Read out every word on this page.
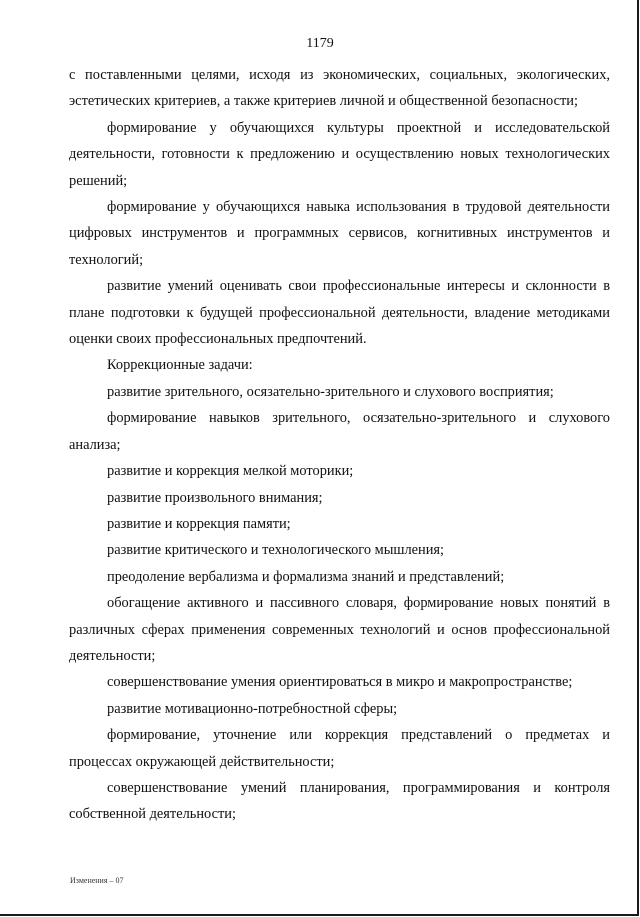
1179

с поставленными целями, исходя из экономических, социальных, экологических, эстетических критериев, а также критериев личной и общественной безопасности;

формирование у обучающихся культуры проектной и исследовательской деятельности, готовности к предложению и осуществлению новых технологических решений;

формирование у обучающихся навыка использования в трудовой деятельности цифровых инструментов и программных сервисов, когнитивных инструментов и технологий;

развитие умений оценивать свои профессиональные интересы и склонности в плане подготовки к будущей профессиональной деятельности, владение методиками оценки своих профессиональных предпочтений.

Коррекционные задачи:

развитие зрительного, осязательно-зрительного и слухового восприятия;

формирование навыков зрительного, осязательно-зрительного и слухового анализа;

развитие и коррекция мелкой моторики;

развитие произвольного внимания;

развитие и коррекция памяти;

развитие критического и технологического мышления;

преодоление вербализма и формализма знаний и представлений;

обогащение активного и пассивного словаря, формирование новых понятий в различных сферах применения современных технологий и основ профессиональной деятельности;

совершенствование умения ориентироваться в микро и макропространстве;

развитие мотивационно-потребностной сферы;

формирование, уточнение или коррекция представлений о предметах и процессах окружающей действительности;

совершенствование умений планирования, программирования и контроля собственной деятельности;

Изменения – 07
